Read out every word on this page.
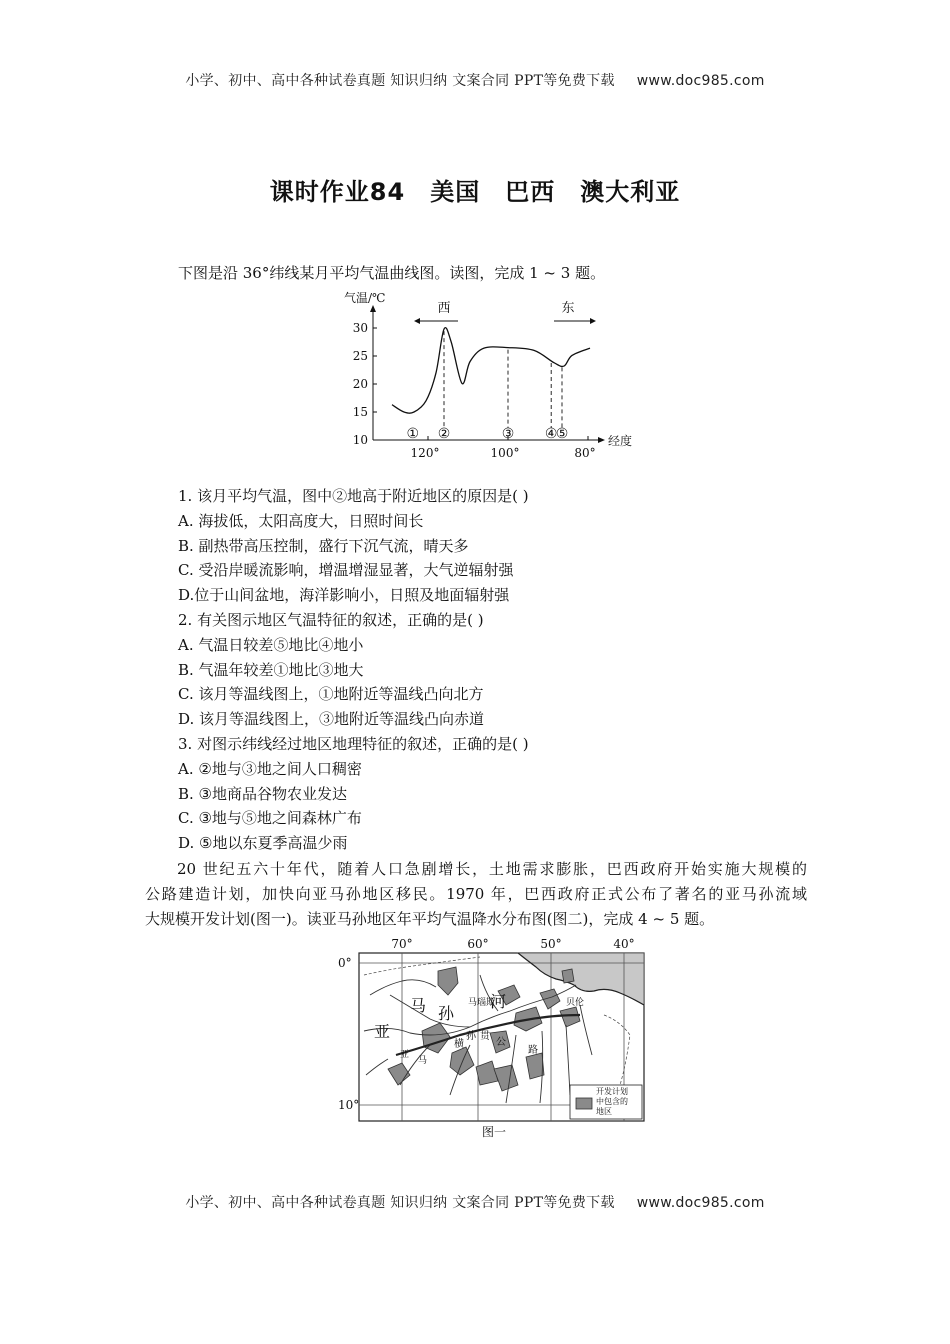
小学、初中、高中各种试卷真题 知识归纳 文案合同 PPT等免费下载 www.doc985.com
课时作业84　美国　巴西　澳大利亚
下图是沿 36°纬线某月平均气温曲线图。读图，完成 1 ~ 3 题。
气温/℃
经度
30
25
20
15
10
120°	100°	80°
西	东
① ②	③ ④
⑤
1. 该月平均气温，图中②地高于附近地区的原因是( )
A. 海拔低，太阳高度大，日照时间长
B. 副热带高压控制，盛行下沉气流，晴天多
C. 受沿岸暖流影响，增温增湿显著，大气逆辐射强
D.位于山间盆地，海洋影响小，日照及地面辐射强
2. 有关图示地区气温特征的叙述，正确的是( )
A. 气温日较差⑤地比④地小
B. 气温年较差①地比③地大
C. 该月等温线图上，①地附近等温线凸向北方
D. 该月等温线图上，③地附近等温线凸向赤道
3. 对图示纬线经过地区地理特征的叙述，正确的是( )
A. ②地与③地之间人口稠密
B. ③地商品谷物农业发达
C. ③地与⑤地之间森林广布
D. ⑤地以东夏季高温少雨
20 世纪五六十年代，随着人口急剧增长，土地需求膨胀，巴西政府开始实施大规模的
公路建造计划，加快向亚马孙地区移民。1970 年，巴西政府正式公布了著名的亚马孙流域
大规模开发计划(图一)。读亚马孙地区年平均气温降水分布图(图二)，完成 4 ~ 5 题。
马 孙
亚
马瑙斯
河	贝伦
亚
马
孙
横
贯
公
路
70°	60°	50°	40°
0°
10°
开发计划
中包含的
地区
图一
小学、初中、高中各种试卷真题 知识归纳 文案合同 PPT等免费下载 www.doc985.com
